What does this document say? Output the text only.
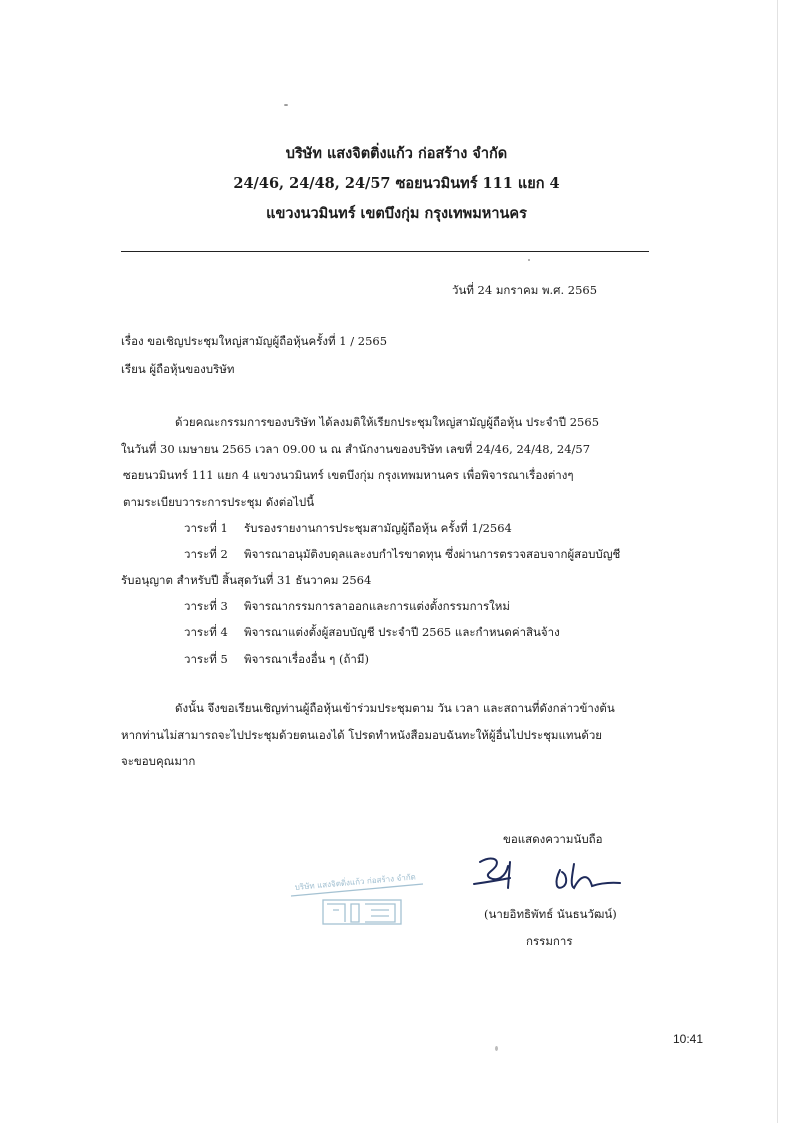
บริษัท แสงจิตติ่งแก้ว ก่อสร้าง จำกัด
24/46, 24/48, 24/57 ซอยนวมินทร์ 111 แยก 4
แขวงนวมินทร์ เขตบึงกุ่ม กรุงเทพมหานคร
วันที่ 24 มกราคม พ.ศ. 2565
เรื่อง ขอเชิญประชุมใหญ่สามัญผู้ถือหุ้นครั้งที่ 1 / 2565
เรียน ผู้ถือหุ้นของบริษัท
ด้วยคณะกรรมการของบริษัท ได้ลงมติให้เรียกประชุมใหญ่สามัญผู้ถือหุ้น ประจำปี 2565
ในวันที่ 30 เมษายน 2565 เวลา 09.00 น ณ สำนักงานของบริษัท เลขที่ 24/46, 24/48, 24/57
ซอยนวมินทร์ 111 แยก 4 แขวงนวมินทร์ เขตบึงกุ่ม กรุงเทพมหานคร เพื่อพิจารณาเรื่องต่างๆ
ตามระเบียบวาระการประชุม ดังต่อไปนี้
วาระที่ 1 รับรองรายงานการประชุมสามัญผู้ถือหุ้น ครั้งที่ 1/2564
วาระที่ 2 พิจารณาอนุมัติงบดุลและงบกำไรขาดทุน ซึ่งผ่านการตรวจสอบจากผู้สอบบัญชี
รับอนุญาต สำหรับปี สิ้นสุดวันที่ 31 ธันวาคม 2564
วาระที่ 3 พิจารณากรรมการลาออกและการแต่งตั้งกรรมการใหม่
วาระที่ 4 พิจารณาแต่งตั้งผู้สอบบัญชี ประจำปี 2565 และกำหนดค่าสินจ้าง
วาระที่ 5 พิจารณาเรื่องอื่น ๆ (ถ้ามี)
ดังนั้น จึงขอเรียนเชิญท่านผู้ถือหุ้นเข้าร่วมประชุมตาม วัน เวลา และสถานที่ดังกล่าวข้างต้น
หากท่านไม่สามารถจะไปประชุมด้วยตนเองได้ โปรดทำหนังสือมอบฉันทะให้ผู้อื่นไปประชุมแทนด้วย
จะขอบคุณมาก
ขอแสดงความนับถือ
บริษัท แสงจิตติ่งแก้ว ก่อสร้าง จำกัด
(นายอิทธิพัทธ์ นันธนวัฒน์)
กรรมการ
10:41
